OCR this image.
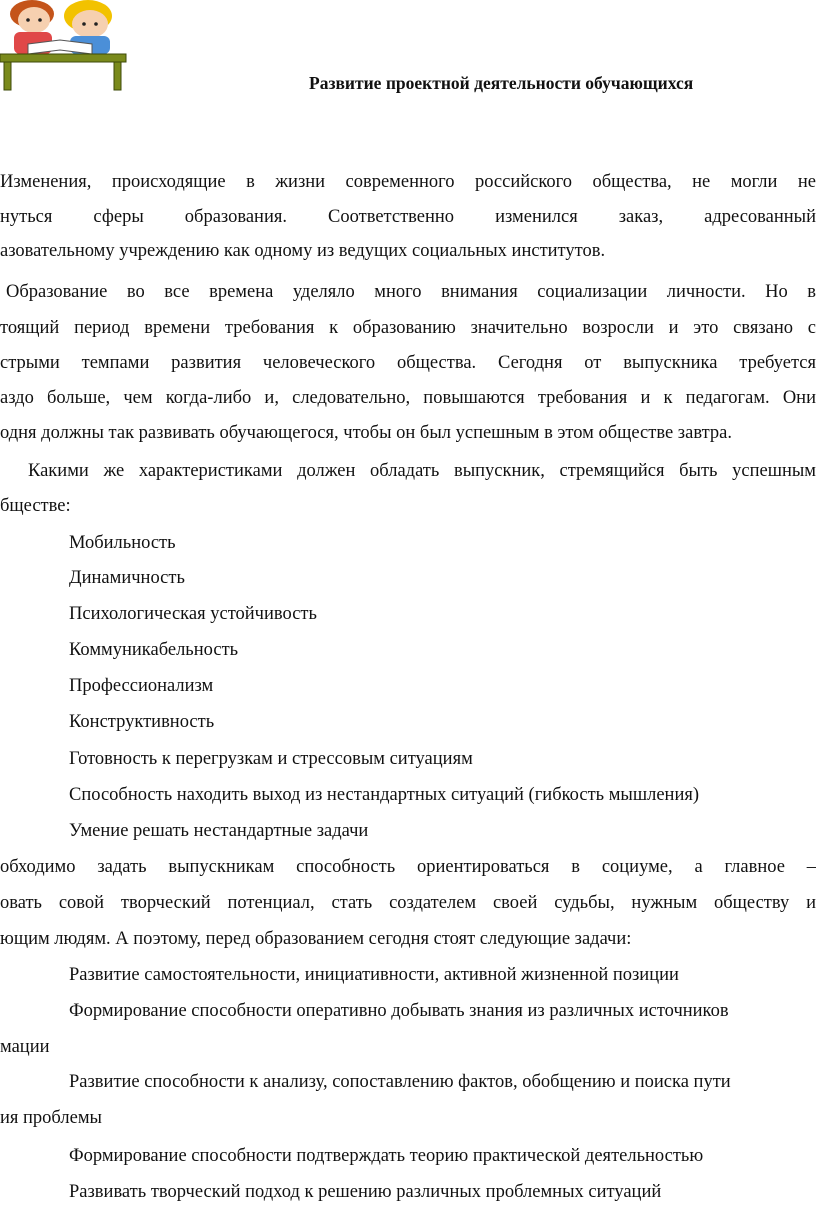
Развитие проектной деятельности обучающихся
Изменения, происходящие в жизни современного российского общества, не могли не
нуться сферы образования. Соответственно изменился заказ, адресованный
азовательному учреждению как одному из ведущих социальных институтов.
Образование во все времена уделяло много внимания социализации личности. Но в
тоящий период времени требования к образованию значительно возросли и это связано с
стрыми темпами развития человеческого общества. Сегодня от выпускника требуется
аздо больше, чем когда-либо и, следовательно, повышаются требования и к педагогам. Они
одня должны так развивать обучающегося, чтобы он был успешным в этом обществе завтра.
Какими же характеристиками должен обладать выпускник, стремящийся быть успешным
бществе:
Мобильность
Динамичность
Психологическая устойчивость
Коммуникабельность
Профессионализм
Конструктивность
Готовность к перегрузкам и стрессовым ситуациям
Способность находить выход из нестандартных ситуаций (гибкость мышления)
Умение решать нестандартные задачи
обходимо задать выпускникам способность ориентироваться в социуме, а главное –
овать совой творческий потенциал, стать создателем своей судьбы, нужным обществу и
ющим людям. А поэтому, перед образованием сегодня стоят следующие задачи:
Развитие самостоятельности, инициативности, активной жизненной позиции
Формирование способности оперативно добывать знания из различных источников
мации
Развитие способности к анализу, сопоставлению фактов, обобщению и поиска пути
ия проблемы
Формирование способности подтверждать теорию практической деятельностью
Развивать творческий подход к решению различных проблемных ситуаций
